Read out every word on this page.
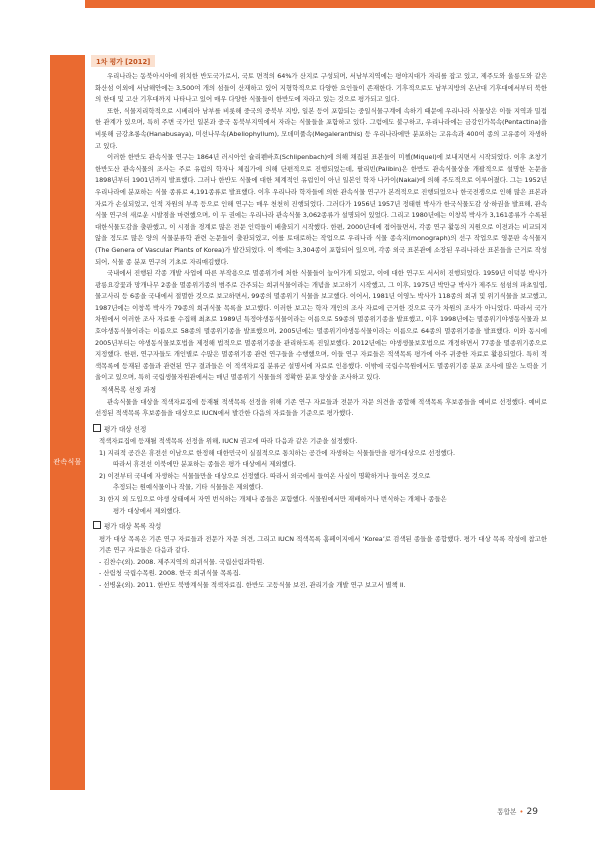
관속식물
1차 평가 [2012]

우리나라는 동북아시아에 위치한 반도국가로서, 국토 면적의 64%가 산지로 구성되며, 서남부지역에는 평야지대가 자리를 잡고 있고, 제주도와 울릉도와 같은 화산섬 이외에 서남해안에는 3,500여 개의 섬들이 산재하고 있어 지형학적으로 다양한 요인들이 존재한다. 기후적으로도 남부지방의 온난대 기후대에서부터 북한의 한대 및 고산 기후대까지 나타나고 있어 매우 다양한 식물들이 한반도에 자라고 있는 것으로 평가되고 있다.

또한, 식물지리학적으로 시베리아 남부를 비롯해 중국의 중북부 지방, 일본 등이 포함되는 중일식물구계에 속하기 때문에 우리나라 식물상은 이들 지역과 밀접한 관계가 있으며, 특히 주변 국가인 일본과 중국 동북부지역에서 자라는 식물들을 포함하고 있다. 그럼에도 불구하고, 우리나라에는 금강인가목속(Pentactina)을 비롯해 금강초롱속(Hanabusaya), 미선나무속(Abeliophyllum), 모데미풀속(Megaleranthis) 등 우리나라에만 분포하는 고유속과 400여 종의 고유종이 자생하고 있다.

이러한 한반도 관속식물 연구는 1864년 러시아인 슐리펜바흐(Schlipenbach)에 의해 채집된 표본들이 미첼(Miquel)에 보내지면서 시작되었다. 이후 초창기 한반도산 관속식물의 조사는 주로 유럽의 학자나 체집가에 의해 단편적으로 진행되었는데, 팔리빈(Palibin)은 한반도 관속식물상을 개괄적으로 설명한 논문을 1898년부터 1901년까지 발표했다. 그러나 한반도 식물에 대한 체계적인 유럽인이 아닌 일본인 학자 나카이(Nakai)에 의해 주도적으로 이루어졌다. 그는 1952년 우리나라에 분포하는 식물 종류로 4,191종류로 발표했다. 이후 우리나라 학자들에 의한 관속식물 연구가 본격적으로 진행되었으나 한국전쟁으로 인해 많은 표본과 자료가 손실되었고, 인적 자원의 부족 등으로 인해 연구는 매우 천천히 진행되었다. 그러다가 1956년 1957년 정태현 박사가 한국식물도감 상·하권을 발표해, 관속식물 연구의 새로운 시발점을 마련했으며, 이 두 권에는 우리나라 관속식물 3,062종류가 설명되어 있었다. 그리고 1980년에는 이창복 박사가 3,161종류가 수록된 대한식물도감을 출판했고, 이 시점을 경계로 많은 전문 인력들이 배출되기 시작했다. 한편, 2000년대에 접어들면서, 각종 연구 활동의 지원으로 이전과는 비교되지 않을 정도로 많은 양의 식물분류학 관련 논문들이 출판되었고, 이를 토대로하는 작업으로 우리나라 식물 종속지(monograph)의 선구 작업으로 영문판 속식물지(The Genera of Vascular Plants of Korea)가 발간되었다. 이 책에는 3,304종이 포함되어 있으며, 각종 외국 표본관에 소장된 우리나라산 표본들을 근거로 작성되어, 식물 종 분포 연구의 기초로 자리매김했다.

국내에서 진행된 각종 개발 사업에 따른 부작용으로 멸종위기에 처한 식물들이 늘어가게 되었고, 이에 대한 연구도 서서히 진행되었다. 1959년 이덕봉 박사가 광릉요강꽃과 망개나무 2종을 멸종위기종의 범주로 간주되는 희귀식물이라는 개념을 보고하기 시작했고, 그 이후, 1975년 박만규 박사가 제주도 섬섬의 파초일엽, 물고사리 등 6종을 국내에서 절멸한 것으로 보고하면서, 99종의 멸종위기 식물을 보고했다. 이어서, 1981년 이영노 박사가 118종의 희귀 및 위기식물을 보고했고, 1987년에는 이창복 박사가 79종의 희귀식물 목록을 보고했다. 이러한 보고는 학자 개인의 조사 자료에 근거한 것으로 국가 차원의 조사가 아니었다. 따라서 국가 차원에서 이러한 조사 자료를 수집해 최초로 1989년 특정야생동식물이라는 이름으로 59종의 멸종위기종을 발표했고, 이후 1998년에는 멸종위기야생동식물과 보호야생동식물이라는 이름으로 58종의 멸종위기종을 발표했으며, 2005년에는 멸종위기야생동식물이라는 이름으로 64종의 멸종위기종을 발표했다. 이와 동시에 2005년부터는 야생동식물보호법을 제정해 법적으로 멸종위기종을 관리하도록 진일보했다. 2012년에는 야생생물보호법으로 개정하면서 77종을 멸종위기종으로 지정했다. 한편, 연구자들도 개인별로 수많은 멸종위기종 관련 연구들을 수행했으며, 이들 연구 자료들은 적색목록 평가에 아주 귀중한 자료로 활용되었다. 특히 적색목록에 등재된 종들과 관련된 연구 결과들은 이 적색자료집 분류군 설명서에 자료로 인용했다. 이밖에 국립수목원에서도 멸종위기종 분포 조사에 많은 노력을 기울이고 있으며, 특히 국립생물자원관에서는 매년 멸종위기 식물들의 정확한 분포 양상을 조사하고 있다.

적색목록 선정 과정

관속식물을 대상을 적색자료집에 등재될 적색목록 선정을 위해 기존 연구 자료들과 전문가 자문 의견을 종합해 적색목록 후보종들을 예비로 선정했다. 예비로 선정된 적색목록 후보종들을 대상으로 IUCN에서 발간한 다음의 자료들을 기준으로 평가했다.

평가 대상 선정

적색자료집에 등재될 적색목록 선정을 위해, IUCN 권고에 따라 다음과 같은 기준을 설정했다.

1) 지리적 공간은 휴전선 이남으로 한정해 대한민국이 실질적으로 통치하는 공간에 자생하는 식물들만을 평가대상으로 선정했다.
따라서 휴전선 이북에만 분포하는 종들은 평가 대상에서 제외했다.
2) 이전부터 국내에 자생하는 식물들만을 대상으로 선정했다. 따라서 외국에서 들여온 사실이 명확하거나 들여온 것으로
추정되는 원예식물이나 작물, 기타 식물들은 제외했다.
3) 한지 외 도입으로 야생 상태에서 자연 번식하는 개체나 종들은 포함했다. 식물원에서만 재배하거나 번식하는 개체나 종들은
평가 대상에서 제외했다.
평가 대상 목록 작성

평가 대상 목록은 기존 연구 자료들과 전문가 자문 의견, 그리고 IUCN 적색목록 홈페이지에서 ‘Korea’로 검색된 종들을 종합했다. 평가 대상 목록 작성에 참고한 기존 연구 자료들은 다음과 같다.

- 김찬수(외). 2008. 제주지역의 희귀식물. 국립산림과학원.
- 산림청 국립수목원. 2008. 한국 희귀식물 목록집.
- 선병윤(외). 2011. 한반도 북방계식물 적색자료집. 한반도 고등식물 보전, 관리기술 개발 연구 보고서 별책 II.
통합본 • 29
